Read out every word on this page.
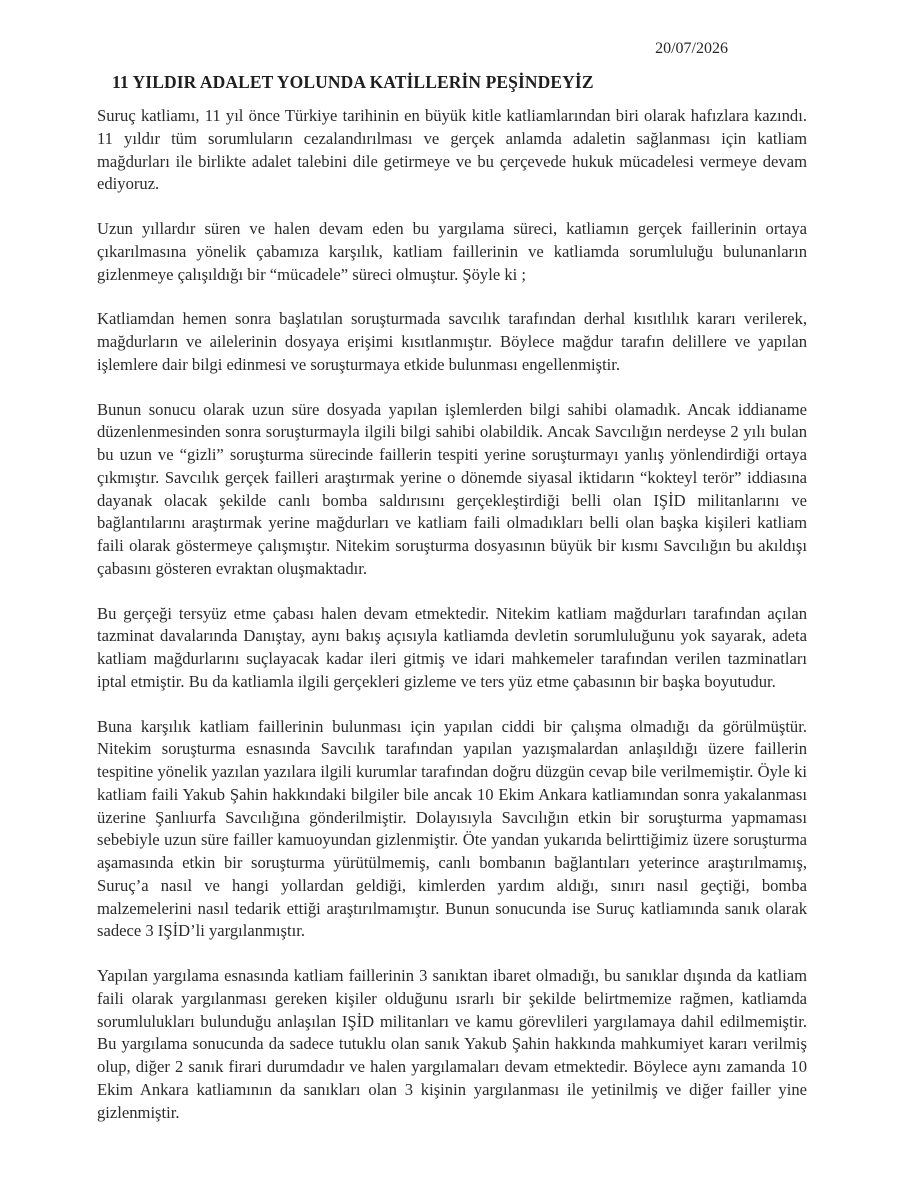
20/07/2026
11 YILDIR ADALET YOLUNDA KATİLLERİN PEŞİNDEYİZ

Suruç katliamı, 11 yıl önce Türkiye tarihinin en büyük kitle katliamlarından biri olarak hafızlara kazındı. 11 yıldır tüm sorumluların cezalandırılması ve gerçek anlamda adaletin sağlanması için katliam mağdurları ile birlikte adalet talebini dile getirmeye ve bu çerçevede hukuk mücadelesi vermeye devam ediyoruz.

Uzun yıllardır süren ve halen devam eden bu yargılama süreci, katliamın gerçek faillerinin ortaya çıkarılmasına yönelik çabamıza karşılık, katliam faillerinin ve katliamda sorumluluğu bulunanların gizlenmeye çalışıldığı bir “mücadele” süreci olmuştur. Şöyle ki ;

Katliamdan hemen sonra başlatılan soruşturmada savcılık tarafından derhal kısıtlılık kararı verilerek, mağdurların ve ailelerinin dosyaya erişimi kısıtlanmıştır. Böylece mağdur tarafın delillere ve yapılan işlemlere dair bilgi edinmesi ve soruşturmaya etkide bulunması engellenmiştir.

Bunun sonucu olarak uzun süre dosyada yapılan işlemlerden bilgi sahibi olamadık. Ancak iddianame düzenlenmesinden sonra soruşturmayla ilgili bilgi sahibi olabildik. Ancak Savcılığın nerdeyse 2 yılı bulan bu uzun ve “gizli” soruşturma sürecinde faillerin tespiti yerine soruşturmayı yanlış yönlendirdiği ortaya çıkmıştır. Savcılık gerçek failleri araştırmak yerine o dönemde siyasal iktidarın “kokteyl terör” iddiasına dayanak olacak şekilde canlı bomba saldırısını gerçekleştirdiği belli olan IŞİD militanlarını ve bağlantılarını araştırmak yerine mağdurları ve katliam faili olmadıkları belli olan başka kişileri katliam faili olarak göstermeye çalışmıştır. Nitekim soruşturma dosyasının büyük bir kısmı Savcılığın bu akıldışı çabasını gösteren evraktan oluşmaktadır.

Bu gerçeği tersyüz etme çabası halen devam etmektedir. Nitekim katliam mağdurları tarafından açılan tazminat davalarında Danıştay, aynı bakış açısıyla katliamda devletin sorumluluğunu yok sayarak, adeta katliam mağdurlarını suçlayacak kadar ileri gitmiş ve idari mahkemeler tarafından verilen tazminatları iptal etmiştir. Bu da katliamla ilgili gerçekleri gizleme ve ters yüz etme çabasının bir başka boyutudur.

Buna karşılık katliam faillerinin bulunması için yapılan ciddi bir çalışma olmadığı da görülmüştür. Nitekim soruşturma esnasında Savcılık tarafından yapılan yazışmalardan anlaşıldığı üzere faillerin tespitine yönelik yazılan yazılara ilgili kurumlar tarafından doğru düzgün cevap bile verilmemiştir. Öyle ki katliam faili Yakub Şahin hakkındaki bilgiler bile ancak 10 Ekim Ankara katliamından sonra yakalanması üzerine Şanlıurfa Savcılığına gönderilmiştir. Dolayısıyla Savcılığın etkin bir soruşturma yapmaması sebebiyle uzun süre failler kamuoyundan gizlenmiştir. Öte yandan yukarıda belirttiğimiz üzere soruşturma aşamasında etkin bir soruşturma yürütülmemiş, canlı bombanın bağlantıları yeterince araştırılmamış, Suruç’a nasıl ve hangi yollardan geldiği, kimlerden yardım aldığı, sınırı nasıl geçtiği, bomba malzemelerini nasıl tedarik ettiği araştırılmamıştır. Bunun sonucunda ise Suruç katliamında sanık olarak sadece 3 IŞİD’li yargılanmıştır.

Yapılan yargılama esnasında katliam faillerinin 3 sanıktan ibaret olmadığı, bu sanıklar dışında da katliam faili olarak yargılanması gereken kişiler olduğunu ısrarlı bir şekilde belirtmemize rağmen, katliamda sorumlulukları bulunduğu anlaşılan IŞİD militanları ve kamu görevlileri yargılamaya dahil edilmemiştir. Bu yargılama sonucunda da sadece tutuklu olan sanık Yakub Şahin hakkında mahkumiyet kararı verilmiş olup, diğer 2 sanık firari durumdadır ve halen yargılamaları devam etmektedir. Böylece aynı zamanda 10 Ekim Ankara katliamının da sanıkları olan 3 kişinin yargılanması ile yetinilmiş ve diğer failler yine gizlenmiştir.
